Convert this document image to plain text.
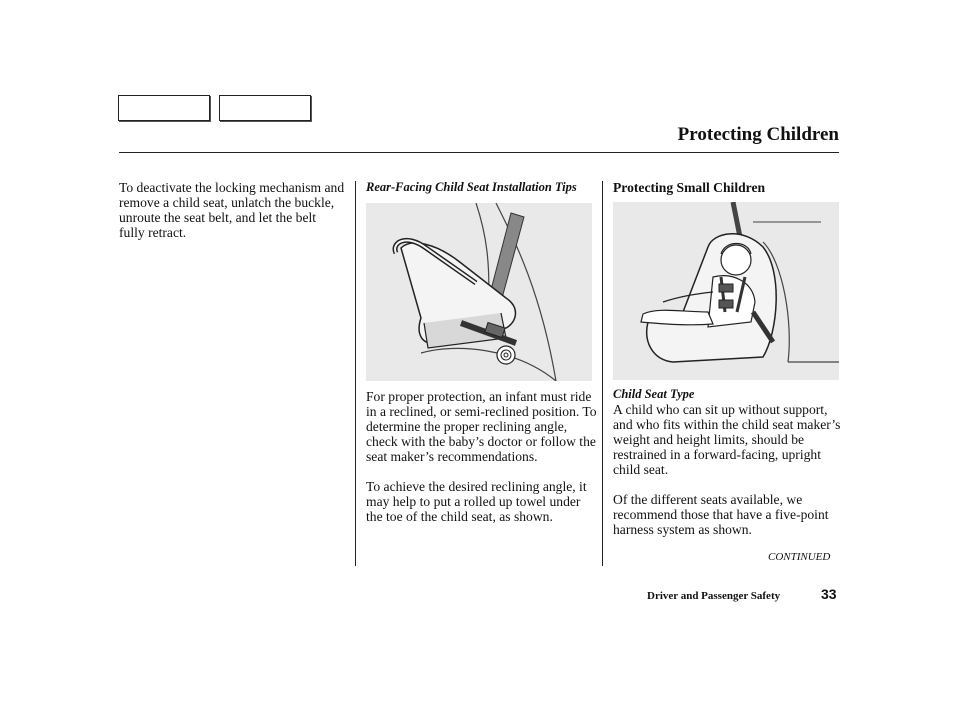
Protecting Children

To deactivate the locking mechanism and remove a child seat, unlatch the buckle, unroute the seat belt, and let the belt fully retract.

Rear-Facing Child Seat Installation Tips

For proper protection, an infant must ride in a reclined, or semi-reclined position. To determine the proper reclining angle, check with the baby’s doctor or follow the seat maker’s recommendations.

To achieve the desired reclining angle, it may help to put a rolled up towel under the toe of the child seat, as shown.

Protecting Small Children
Child Seat Type

A child who can sit up without support, and who fits within the child seat maker’s weight and height limits, should be restrained in a forward-facing, upright child seat.

Of the different seats available, we recommend those that have a five-point harness system as shown.

CONTINUED
Driver and Passenger Safety	33
